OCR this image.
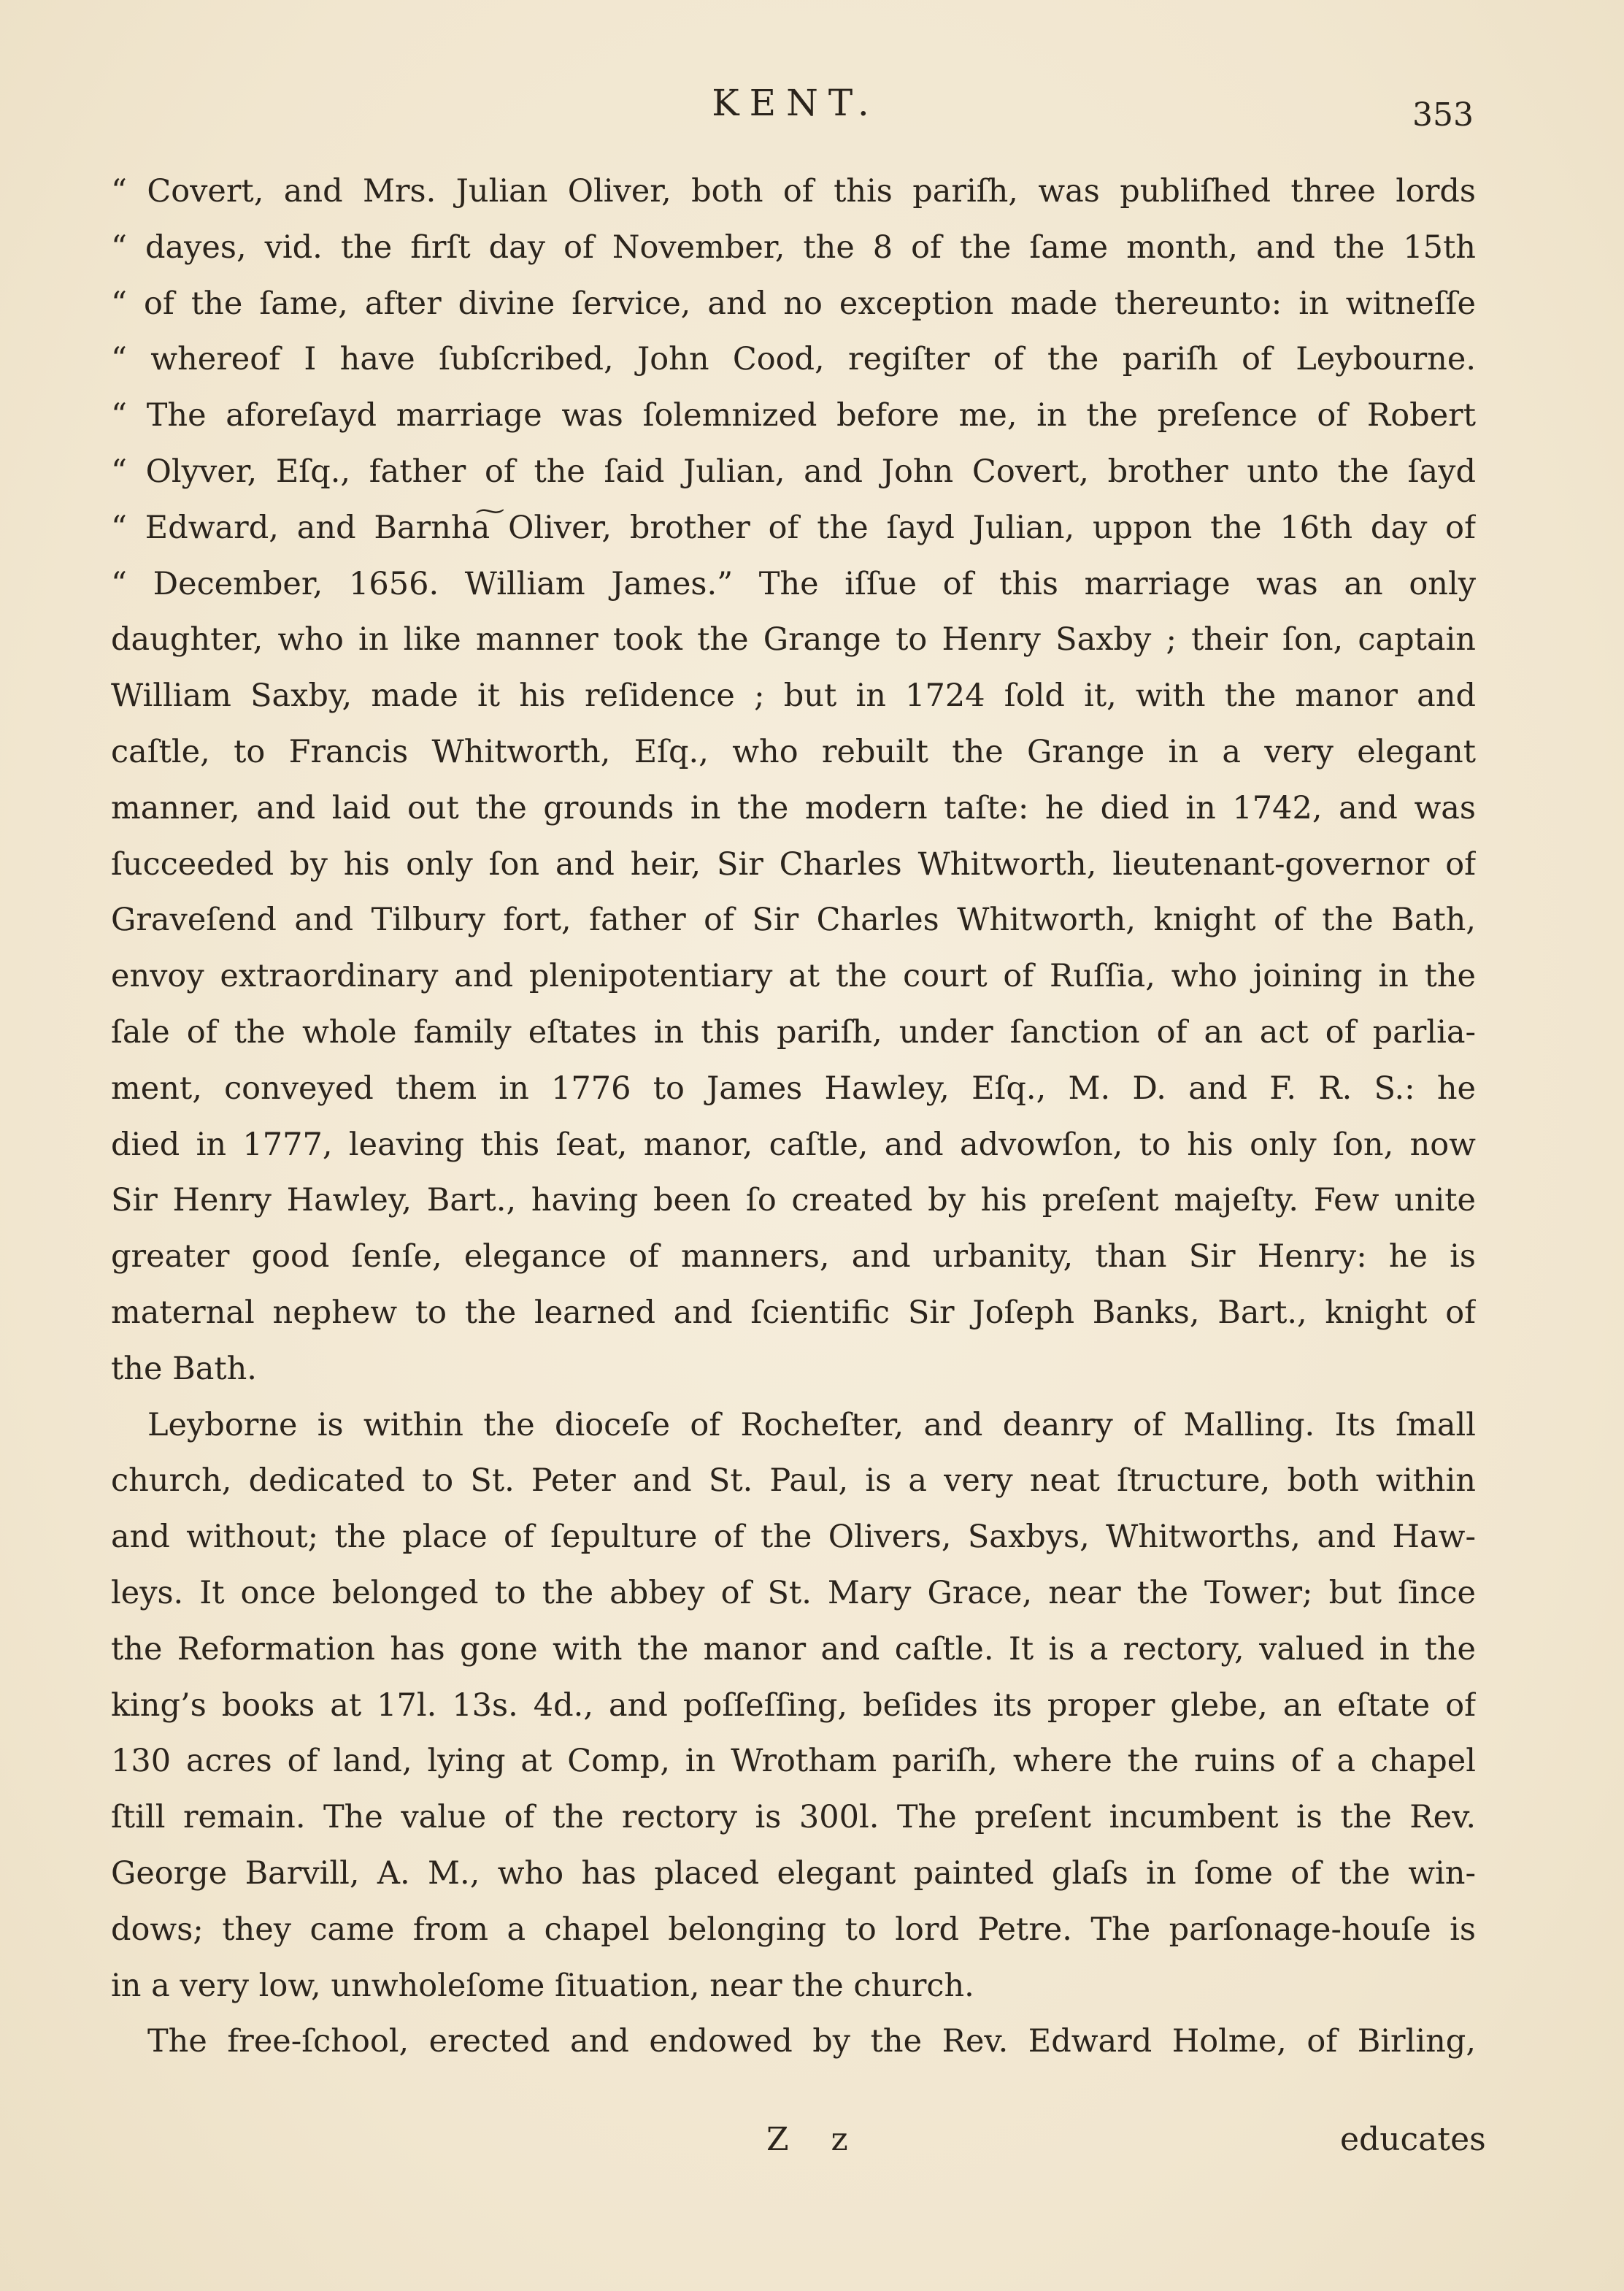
KENT.	353
“ Covert, and Mrs. Julian Oliver, both of this pariſh, was publiſhed three lords
“ dayes, vid. the firſt day of November, the 8 of the ſame month, and the 15th
“ of the ſame, after divine ſervice, and no exception made thereunto: in witneſſe
“ whereof I have ſubſcribed, John Cood, regiſter of the pariſh of Leybourne.
“ The aforeſayd marriage was ſolemnized before me, in the preſence of Robert
“ Olyver, Eſq., father of the ſaid Julian, and John Covert, brother unto the ſayd
“ Edward, and Barnha͠ Oliver, brother of the ſayd Julian, uppon the 16th day of
“ December, 1656. William James.” The iſſue of this marriage was an only
daughter, who in like manner took the Grange to Henry Saxby ; their ſon, captain
William Saxby, made it his reſidence ; but in 1724 ſold it, with the manor and
caſtle, to Francis Whitworth, Eſq., who rebuilt the Grange in a very elegant
manner, and laid out the grounds in the modern taſte: he died in 1742, and was
ſucceeded by his only ſon and heir, Sir Charles Whitworth, lieutenant-governor of
Graveſend and Tilbury fort, father of Sir Charles Whitworth, knight of the Bath,
envoy extraordinary and plenipotentiary at the court of Ruſſia, who joining in the
ſale of the whole family eſtates in this pariſh, under ſanction of an act of parlia-
ment, conveyed them in 1776 to James Hawley, Eſq., M. D. and F. R. S.: he
died in 1777, leaving this ſeat, manor, caſtle, and advowſon, to his only ſon, now
Sir Henry Hawley, Bart., having been ſo created by his preſent majeſty. Few unite
greater good ſenſe, elegance of manners, and urbanity, than Sir Henry: he is
maternal nephew to the learned and ſcientific Sir Joſeph Banks, Bart., knight of
the Bath.
Leyborne is within the dioceſe of Rocheſter, and deanry of Malling. Its ſmall
church, dedicated to St. Peter and St. Paul, is a very neat ſtructure, both within
and without; the place of ſepulture of the Olivers, Saxbys, Whitworths, and Haw-
leys. It once belonged to the abbey of St. Mary Grace, near the Tower; but ſince
the Reformation has gone with the manor and caſtle. It is a rectory, valued in the
king’s books at 17l. 13s. 4d., and poſſeſſing, beſides its proper glebe, an eſtate of
130 acres of land, lying at Comp, in Wrotham pariſh, where the ruins of a chapel
ſtill remain. The value of the rectory is 300l. The preſent incumbent is the Rev.
George Barvill, A. M., who has placed elegant painted glaſs in ſome of the win-
dows; they came from a chapel belonging to lord Petre. The parſonage-houſe is
in a very low, unwholeſome ſituation, near the church.
The free-ſchool, erected and endowed by the Rev. Edward Holme, of Birling,
Z z	educates
